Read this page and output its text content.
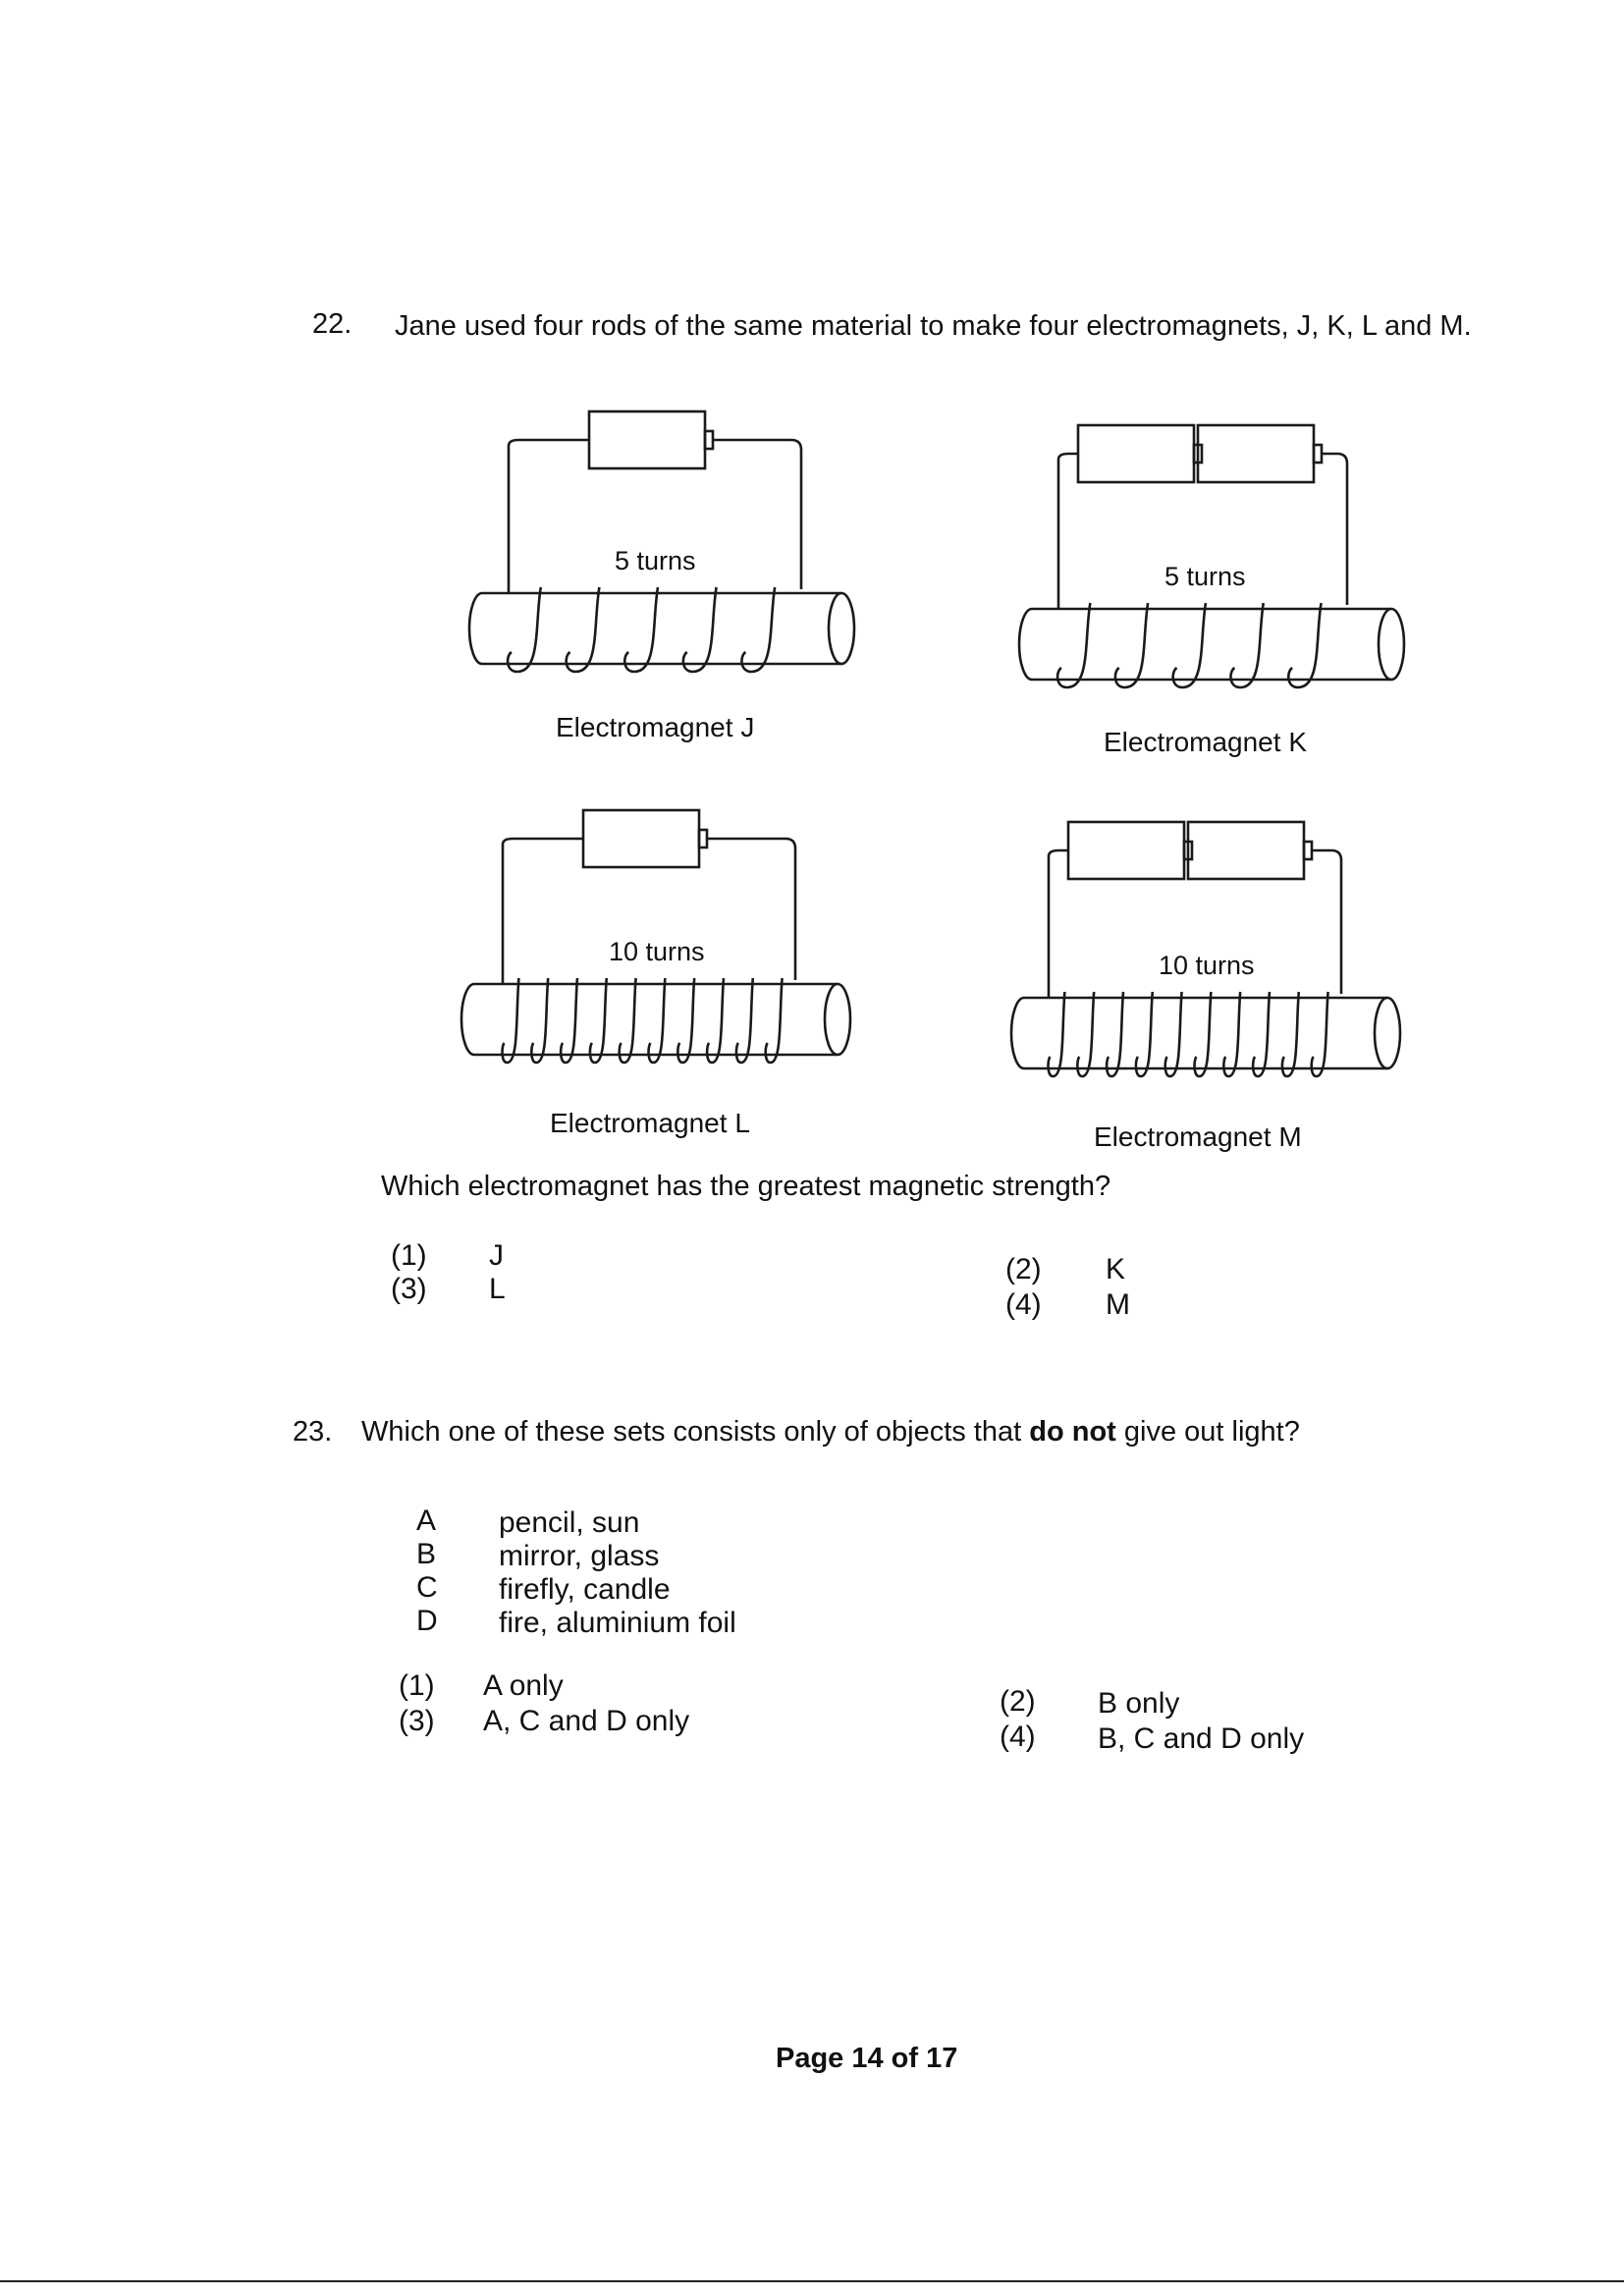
22. Jane used four rods of the same material to make four electromagnets, J, K, L and M.
5 turns
5 turns
10 turns	10 turns
Electromagnet J	Electromagnet K
Electromagnet L	Electromagnet M
Which electromagnet has the greatest magnetic strength?
(1) J
(3) L
(2) K
(4) M
23. Which one of these sets consists only of objects that do not give out light?
A pencil, sun
B mirror, glass
C firefly, candle
D fire, aluminium foil
(1) A only
(3) A, C and D only
(2) B only
(4) B, C and D only
Page 14 of 17
